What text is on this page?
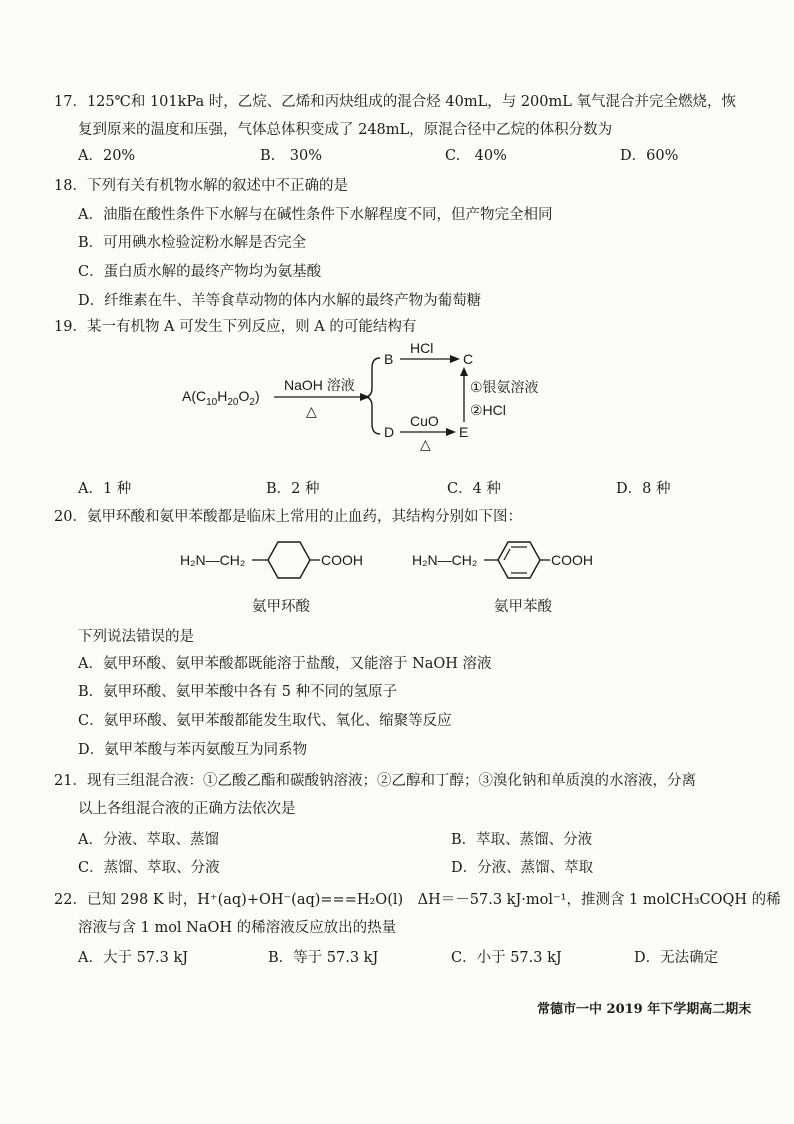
17．125℃和 101kPa 时，乙烷、乙烯和丙炔组成的混合烃 40mL，与 200mL 氧气混合并完全燃烧，恢
复到原来的温度和压强，气体总体积变成了 248mL，原混合径中乙烷的体积分数为
A．20%	B.　30%	C.　40%	D．60%
18．下列有关有机物水解的叙述中不正确的是
A．油脂在酸性条件下水解与在碱性条件下水解程度不同，但产物完全相同
B．可用碘水检验淀粉水解是否完全
C．蛋白质水解的最终产物均为氨基酸
D．纤维素在牛、羊等食草动物的体内水解的最终产物为葡萄糖
19．某一有机物 A 可发生下列反应，则 A 的可能结构有
$A(C_{10}H_{20}O_2)$
NaOH 溶液
△
B
HCl
C
D
CuO
△
E
①银氨溶液
②HCl
A．1 种	B．2 种	C．4 种	D．8 种
20．氨甲环酸和氨甲苯酸都是临床上常用的止血药，其结构分别如下图：
H₂N—CH₂	COOH	H₂N—CH₂	COOH
氨甲环酸	氨甲苯酸
下列说法错误的是
A．氨甲环酸、氨甲苯酸都既能溶于盐酸，又能溶于 NaOH 溶液
B．氨甲环酸、氨甲苯酸中各有 5 种不同的氢原子
C．氨甲环酸、氨甲苯酸都能发生取代、氧化、缩聚等反应
D．氨甲苯酸与苯丙氨酸互为同系物
21．现有三组混合液：①乙酸乙酯和碳酸钠溶液；②乙醇和丁醇；③溴化钠和单质溴的水溶液，分离
以上各组混合液的正确方法依次是
A．分液、萃取、蒸馏	B．萃取、蒸馏、分液
C．蒸馏、萃取、分液	D．分液、蒸馏、萃取
22．已知 298 K 时，H⁺(aq)+OH⁻(aq)===H₂O(l)　ΔH＝－57.3 kJ·mol⁻¹，推测含 1 molCH₃COQH 的稀
溶液与含 1 mol NaOH 的稀溶液反应放出的热量
A．大于 57.3 kJ	B．等于 57.3 kJ	C．小于 57.3 kJ	D．无法确定
常德市一中 2019 年下学期高二期末
